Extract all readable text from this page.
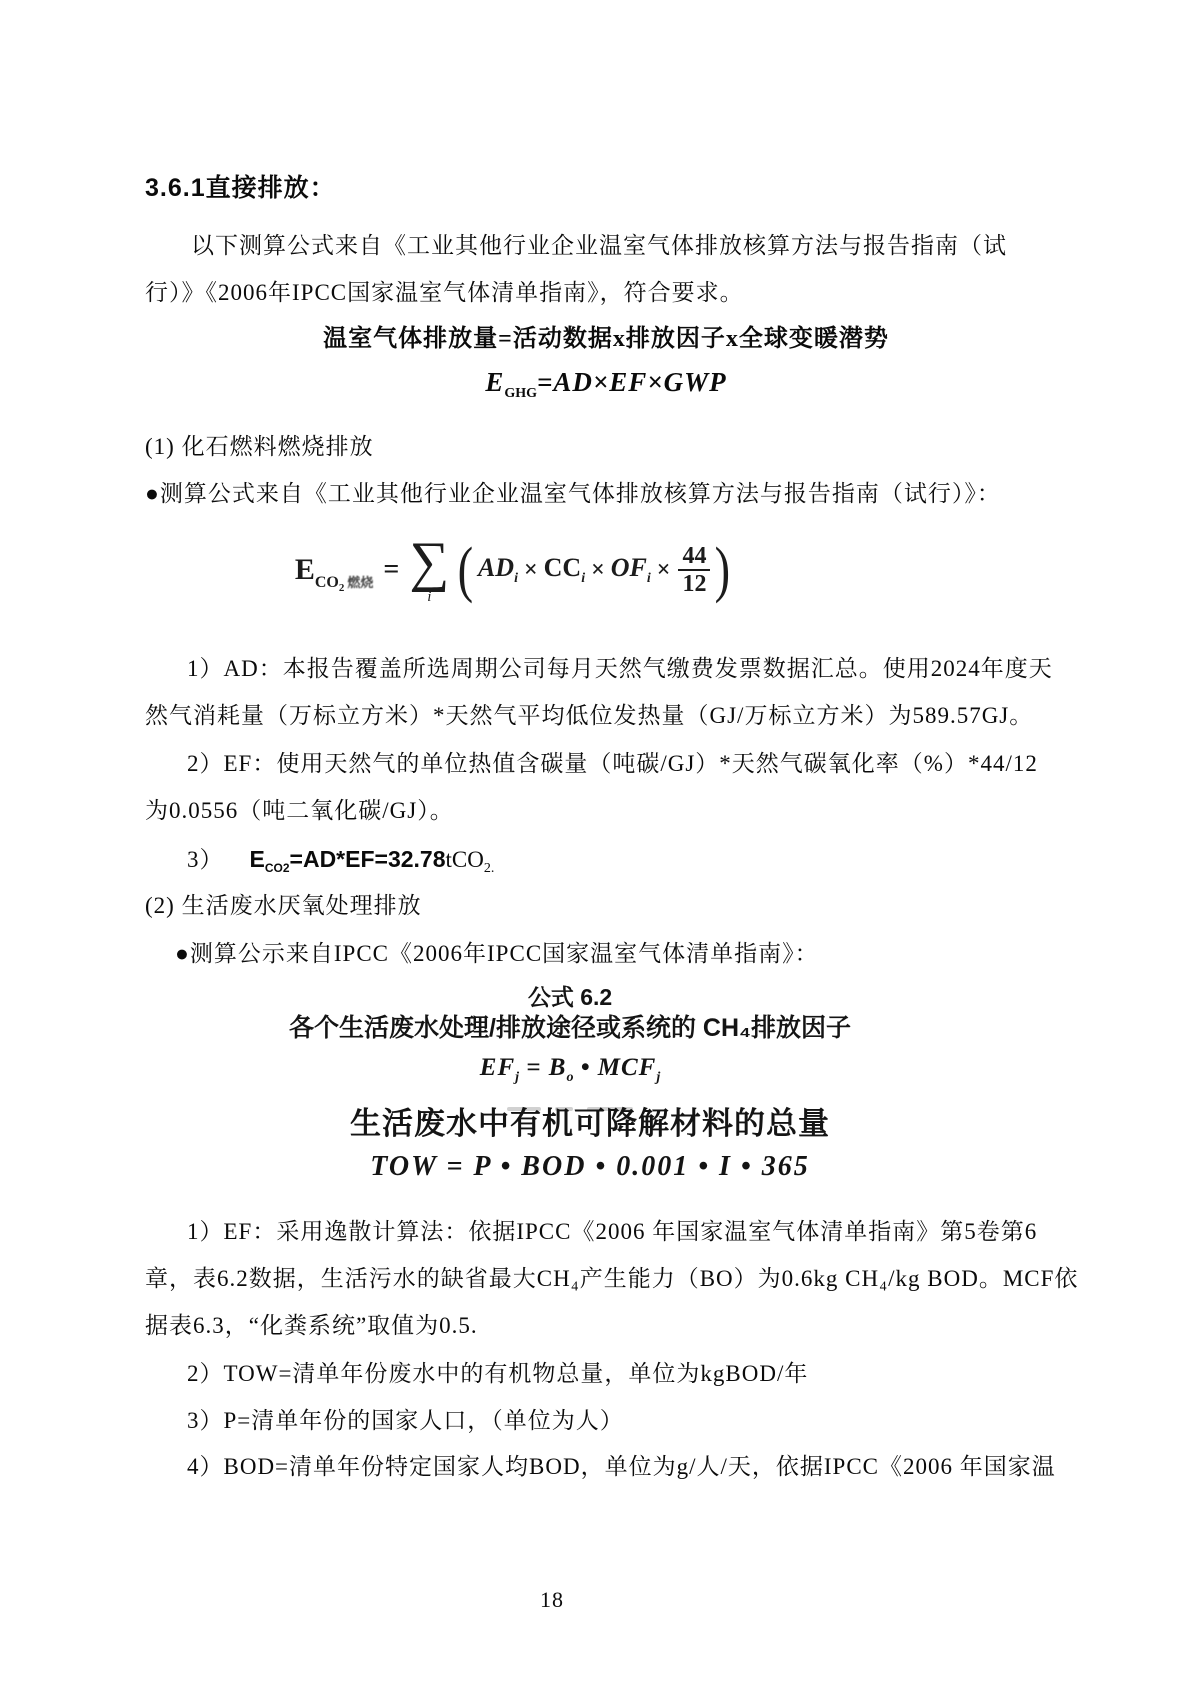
3.6.1直接排放：
以下测算公式来自《工业其他行业企业温室气体排放核算方法与报告指南（试
行）》《2006年IPCC国家温室气体清单指南》，符合要求。
温室气体排放量=活动数据x排放因子x全球变暖潜势
$E_{GHG}=AD\times EF\times GWP$
(1) 化石燃料燃烧排放
●测算公式来自《工业其他行业企业温室气体排放核算方法与报告指南（试行）》：
E $CO_2$ 燃烧 = ∑
i ( $AD_i \times CC_i \times OF_i \times \frac{44}{12}$ )
1）AD：本报告覆盖所选周期公司每月天然气缴费发票数据汇总。使用2024年度天
然气消耗量（万标立方米）*天然气平均低位发热量（GJ/万标立方米）为589.57GJ。
2）EF：使用天然气的单位热值含碳量（吨碳/GJ）*天然气碳氧化率（%）*44/12
为0.0556（吨二氧化碳/GJ）。
3） $E_{CO2}=AD*EF=32.78tCO_{2.}$
(2) 生活废水厌氧处理排放
●测算公示来自IPCC《2006年IPCC国家温室气体清单指南》：
公式 6.2
各个生活废水处理/排放途径或系统的 CH₄排放因子
$EF_j = B_o$ • $MCF_j$
生活废水中有机可降解材料的总量
TOW = P • BOD • 0.001 • I • 365
1）EF：采用逸散计算法：依据IPCC《2006 年国家温室气体清单指南》第5卷第6
章，表6.2数据，生活污水的缺省最大CH₄产生能力（BO）为0.6kg CH₄/kg BOD。MCF依
据表6.3，“化粪系统”取值为0.5.
2）TOW=清单年份废水中的有机物总量，单位为kgBOD/年
3）P=清单年份的国家人口，（单位为人）
4）BOD=清单年份特定国家人均BOD，单位为g/人/天，依据IPCC《2006 年国家温
18
